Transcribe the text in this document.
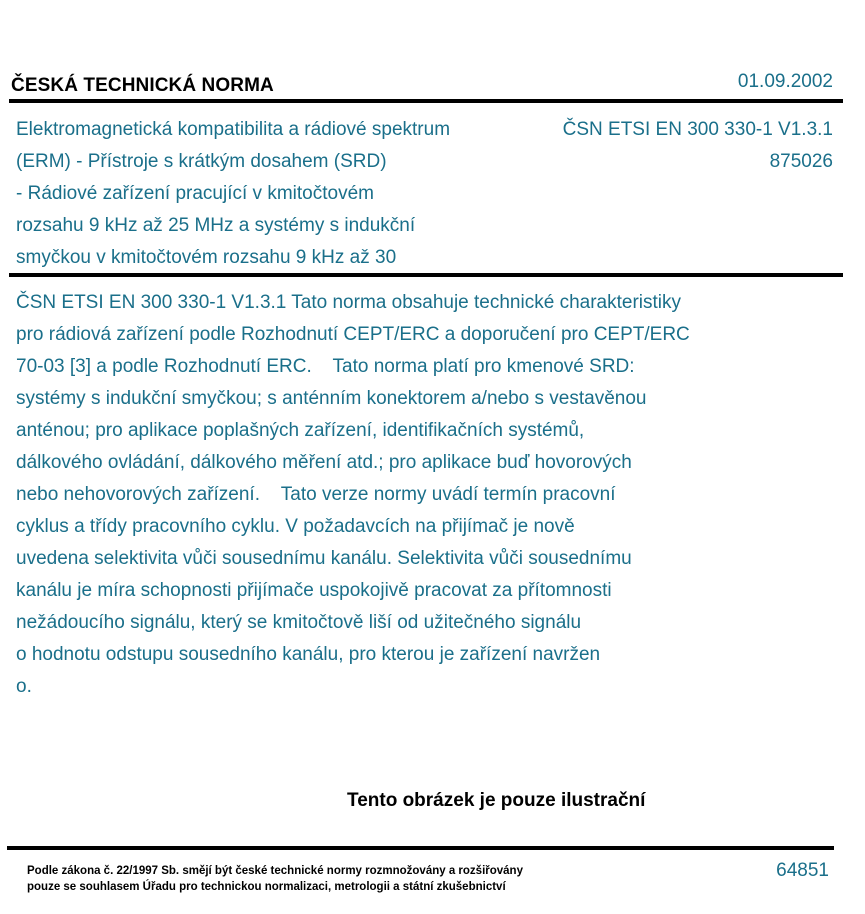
ČESKÁ TECHNICKÁ NORMA	01.09.2002
Elektromagnetická kompatibilita a rádiové spektrum
(ERM) - Přístroje s krátkým dosahem (SRD)
- Rádiové zařízení pracující v kmitočtovém
rozsahu 9 kHz až 25 MHz a systémy s indukční
smyčkou v kmitočtovém rozsahu 9 kHz až 30
ČSN ETSI EN 300 330-1 V1.3.1
875026
ČSN ETSI EN 300 330-1 V1.3.1 Tato norma obsahuje technické charakteristiky
pro rádiová zařízení podle Rozhodnutí CEPT/ERC a doporučení pro CEPT/ERC
70-03 [3] a podle Rozhodnutí ERC.    Tato norma platí pro kmenové SRD:
systémy s indukční smyčkou; s anténním konektorem a/nebo s vestavěnou
anténou; pro aplikace poplašných zařízení, identifikačních systémů,
dálkového ovládání, dálkového měření atd.; pro aplikace buď hovorových
nebo nehovorových zařízení.    Tato verze normy uvádí termín pracovní
cyklus a třídy pracovního cyklu. V požadavcích na přijímač je nově
uvedena selektivita vůči sousednímu kanálu. Selektivita vůči sousednímu
kanálu je míra schopnosti přijímače uspokojivě pracovat za přítomnosti
nežádoucího signálu, který se kmitočtově liší od užitečného signálu
o hodnotu odstupu sousedního kanálu, pro kterou je zařízení navržen
o.
Tento obrázek je pouze ilustrační
Podle zákona č. 22/1997 Sb. smějí být české technické normy rozmnožovány a rozšiřovány
pouze se souhlasem Úřadu pro technickou normalizaci, metrologii a státní zkušebnictví
64851
